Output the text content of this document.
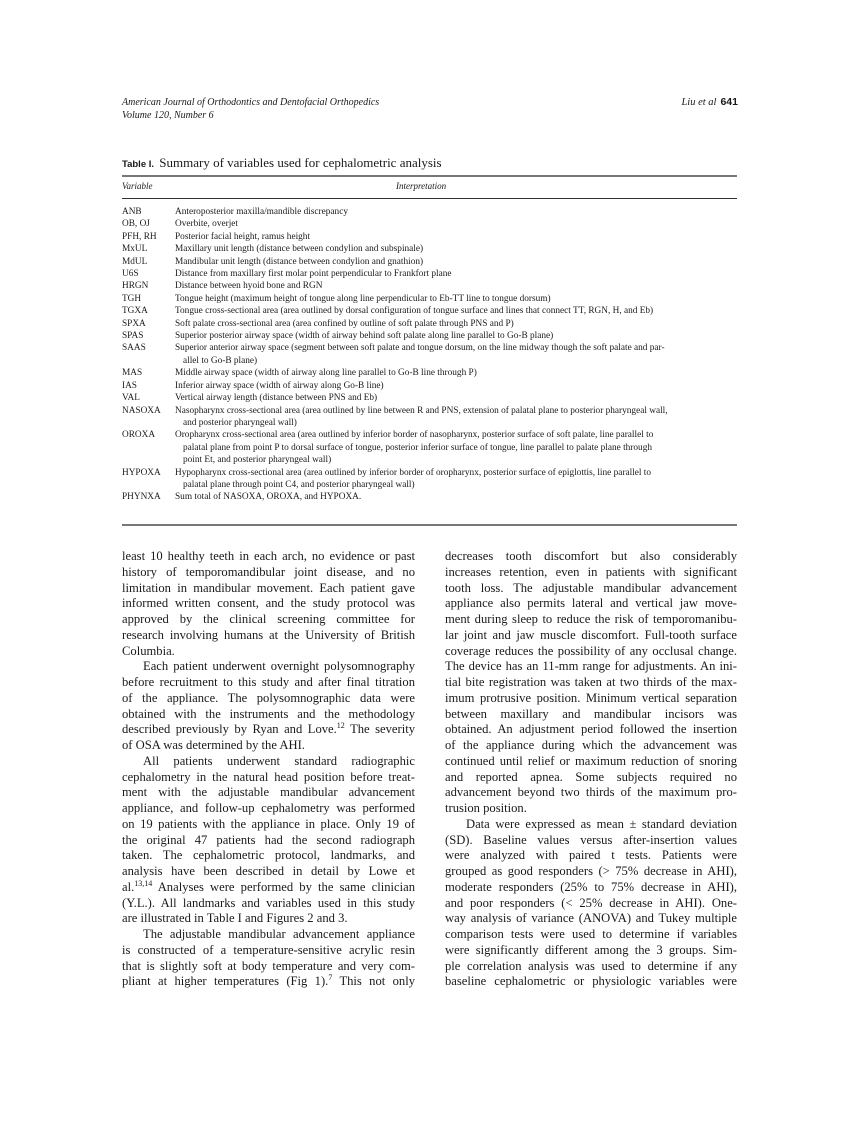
American Journal of Orthodontics and Dentofacial Orthopedics
Volume 120, Number 6
Liu et al 641
Table I. Summary of variables used for cephalometric analysis
Variable	Interpretation
ANB	Anteroposterior maxilla/mandible discrepancy
OB, OJ	Overbite, overjet
PFH, RH	Posterior facial height, ramus height
MxUL	Maxillary unit length (distance between condylion and subspinale)
MdUL	Mandibular unit length (distance between condylion and gnathion)
U6S	Distance from maxillary first molar point perpendicular to Frankfort plane
HRGN	Distance between hyoid bone and RGN
TGH	Tongue height (maximum height of tongue along line perpendicular to Eb-TT line to tongue dorsum)
TGXA	Tongue cross-sectional area (area outlined by dorsal configuration of tongue surface and lines that connect TT, RGN, H, and Eb)
SPXA	Soft palate cross-sectional area (area confined by outline of soft palate through PNS and P)
SPAS	Superior posterior airway space (width of airway behind soft palate along line parallel to Go-B plane)
SAAS	Superior anterior airway space (segment between soft palate and tongue dorsum, on the line midway though the soft palate and par-
allel to Go-B plane)
MAS	Middle airway space (width of airway along line parallel to Go-B line through P)
IAS	Inferior airway space (width of airway along Go-B line)
VAL	Vertical airway length (distance between PNS and Eb)
NASOXA	Nasopharynx cross-sectional area (area outlined by line between R and PNS, extension of palatal plane to posterior pharyngeal wall,
and posterior pharyngeal wall)
OROXA	Oropharynx cross-sectional area (area outlined by inferior border of nasopharynx, posterior surface of soft palate, line parallel to
palatal plane from point P to dorsal surface of tongue, posterior inferior surface of tongue, line parallel to palate plane through
point Et, and posterior pharyngeal wall)
HYPOXA	Hypopharynx cross-sectional area (area outlined by inferior border of oropharynx, posterior surface of epiglottis, line parallel to
palatal plane through point C4, and posterior pharyngeal wall)
PHYNXA	Sum total of NASOXA, OROXA, and HYPOXA.
least 10 healthy teeth in each arch, no evidence or past
history of temporomandibular joint disease, and no
limitation in mandibular movement. Each patient gave
informed written consent, and the study protocol was
approved by the clinical screening committee for
research involving humans at the University of British
Columbia.
Each patient underwent overnight polysomnography
before recruitment to this study and after final titration
of the appliance. The polysomnographic data were
obtained with the instruments and the methodology
described previously by Ryan and Love.$^{12}$ The severity
of OSA was determined by the AHI.
All patients underwent standard radiographic
cephalometry in the natural head position before treat-
ment with the adjustable mandibular advancement
appliance, and follow-up cephalometry was performed
on 19 patients with the appliance in place. Only 19 of
the original 47 patients had the second radiograph
taken. The cephalometric protocol, landmarks, and
analysis have been described in detail by Lowe et
al.$^{13,14}$ Analyses were performed by the same clinician
(Y.L.). All landmarks and variables used in this study
are illustrated in Table I and Figures 2 and 3.
The adjustable mandibular advancement appliance
is constructed of a temperature-sensitive acrylic resin
that is slightly soft at body temperature and very com-
pliant at higher temperatures (Fig 1).$^7$ This not only
decreases tooth discomfort but also considerably
increases retention, even in patients with significant
tooth loss. The adjustable mandibular advancement
appliance also permits lateral and vertical jaw move-
ment during sleep to reduce the risk of temporomanibu-
lar joint and jaw muscle discomfort. Full-tooth surface
coverage reduces the possibility of any occlusal change.
The device has an 11-mm range for adjustments. An ini-
tial bite registration was taken at two thirds of the max-
imum protrusive position. Minimum vertical separation
between maxillary and mandibular incisors was
obtained. An adjustment period followed the insertion
of the appliance during which the advancement was
continued until relief or maximum reduction of snoring
and reported apnea. Some subjects required no
advancement beyond two thirds of the maximum pro-
trusion position.
Data were expressed as mean ± standard deviation
(SD). Baseline values versus after-insertion values
were analyzed with paired t tests. Patients were
grouped as good responders (> 75% decrease in AHI),
moderate responders (25% to 75% decrease in AHI),
and poor responders (< 25% decrease in AHI). One-
way analysis of variance (ANOVA) and Tukey multiple
comparison tests were used to determine if variables
were significantly different among the 3 groups. Sim-
ple correlation analysis was used to determine if any
baseline cephalometric or physiologic variables were
